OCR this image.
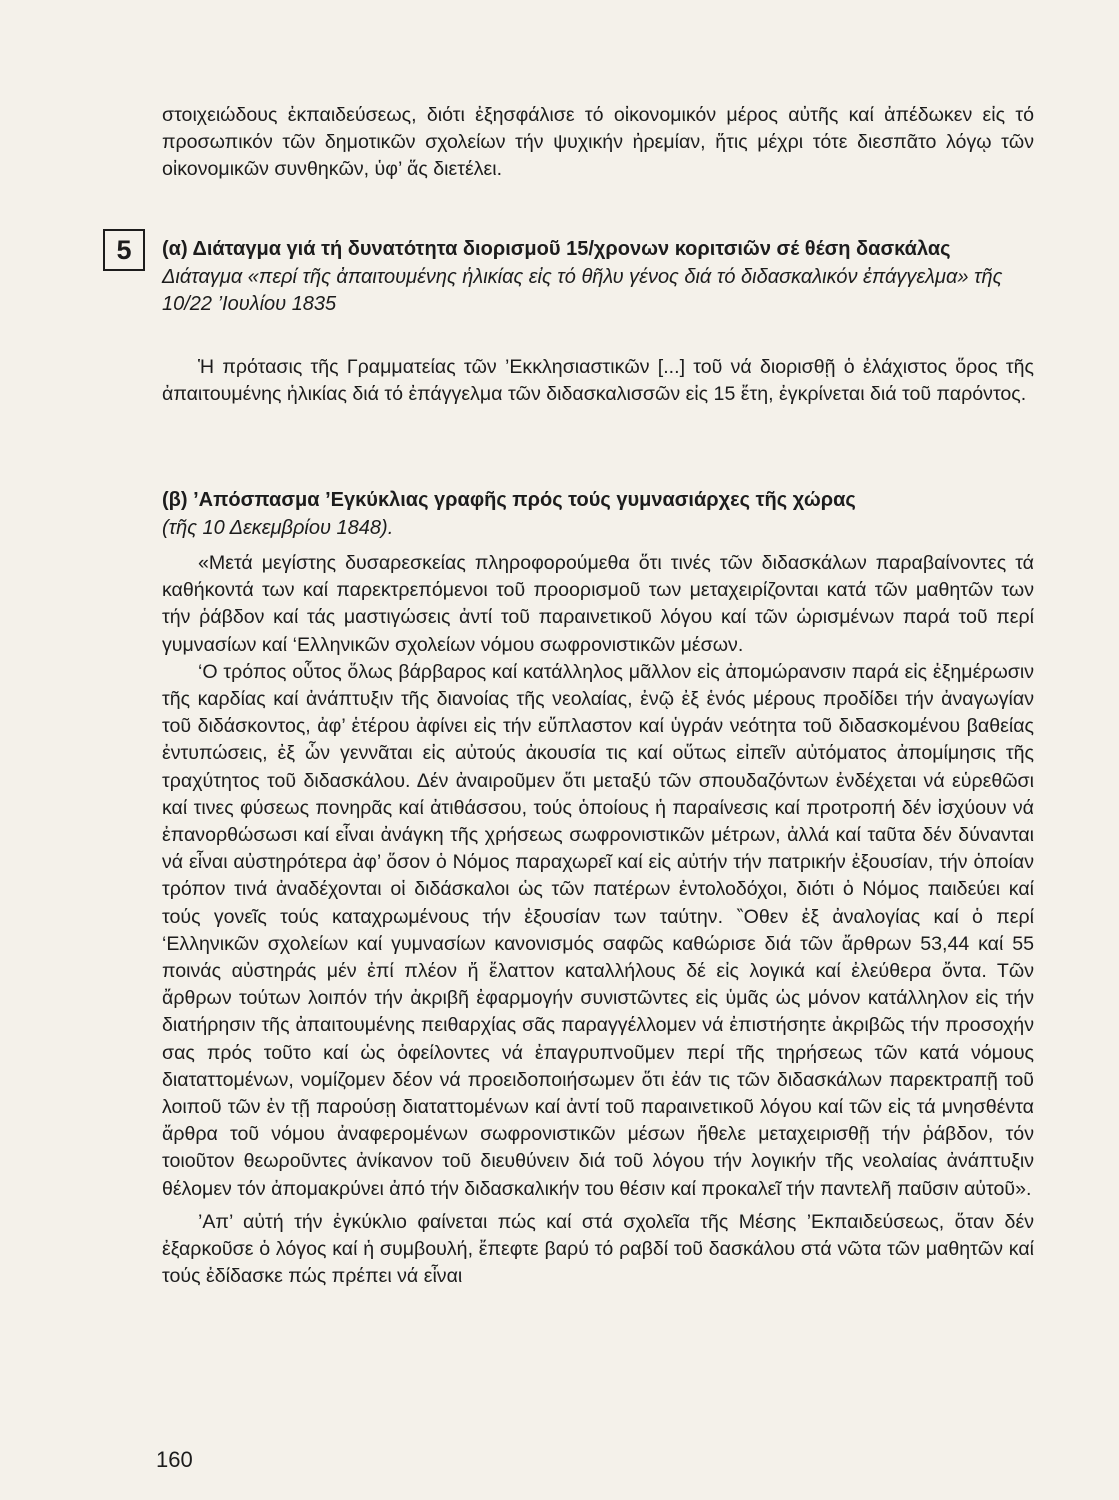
στοιχειώδους ἐκπαιδεύσεως, διότι ἐξησφάλισε τό οἰκονομικόν μέρος αὐτῆς καί ἀπέδωκεν εἰς τό προσωπικόν τῶν δημοτικῶν σχολείων τήν ψυχικήν ἠρεμίαν, ἥτις μέχρι τότε διεσπᾶτο λόγῳ τῶν οἰκονομικῶν συνθηκῶν, ὑφ’ ἅς διετέλει.

5	(α) Διάταγμα γιά τή δυνατότητα διορισμοῦ 15/χρονων κοριτσιῶν σέ θέση δασκάλας
Διάταγμα «περί τῆς ἀπαιτουμένης ἡλικίας εἰς τό θῆλυ γένος διά τό διδασκαλικόν ἐπάγγελμα» τῆς 10/22 ’Ιουλίου 1835

Ἡ πρότασις τῆς Γραμματείας τῶν ’Εκκλησιαστικῶν [...] τοῦ νά διορισθῇ ὁ ἐλάχιστος ὅρος τῆς ἀπαιτουμένης ἡλικίας διά τό ἐπάγγελμα τῶν διδασκαλισσῶν εἰς 15 ἔτη, ἐγκρίνεται διά τοῦ παρόντος.

(β) ’Απόσπασμα ’Εγκύκλιας γραφῆς πρός τούς γυμνασιάρχες τῆς χώρας
(τῆς 10 Δεκεμβρίου 1848).

«Μετά μεγίστης δυσαρεσκείας πληροφορούμεθα ὅτι τινές τῶν διδασκάλων παραβαίνοντες τά καθήκοντά των καί παρεκτρεπόμενοι τοῦ προορισμοῦ των μεταχειρίζονται κατά τῶν μαθητῶν των τήν ῥάβδον καί τάς μαστιγώσεις ἀντί τοῦ παραινετικοῦ λόγου καί τῶν ὡρισμένων παρά τοῦ περί γυμνασίων καί ‘Ελληνικῶν σχολείων νόμου σωφρονιστικῶν μέσων.

‘Ο τρόπος οὗτος ὅλως βάρβαρος καί κατάλληλος μᾶλλον εἰς ἀπομώρανσιν παρά εἰς ἐξημέρωσιν τῆς καρδίας καί ἀνάπτυξιν τῆς διανοίας τῆς νεολαίας, ἐνῷ ἐξ ἑνός μέρους προδίδει τήν ἀναγωγίαν τοῦ διδάσκοντος, ἀφ’ ἑτέρου ἀφίνει εἰς τήν εὔπλαστον καί ὑγράν νεότητα τοῦ διδασκομένου βαθείας ἐντυπώσεις, ἐξ ὧν γεννᾶται εἰς αὐτούς ἀκουσία τις καί οὕτως εἰπεῖν αὐτόματος ἀπομίμησις τῆς τραχύτητος τοῦ διδασκάλου. Δέν ἀναιροῦμεν ὅτι μεταξύ τῶν σπουδαζόντων ἐνδέχεται νά εὑρεθῶσι καί τινες φύσεως πονηρᾶς καί ἀτιθάσσου, τούς ὁποίους ἡ παραίνεσις καί προτροπή δέν ἰσχύουν νά ἐπανορθώσωσι καί εἶναι ἀνάγκη τῆς χρήσεως σωφρονιστικῶν μέτρων, ἀλλά καί ταῦτα δέν δύνανται νά εἶναι αὐστηρότερα ἀφ’ ὅσον ὁ Νόμος παραχωρεῖ καί εἰς αὐτήν τήν πατρικήν ἐξουσίαν, τήν ὁποίαν τρόπον τινά ἀναδέχονται οἱ διδάσκαλοι ὡς τῶν πατέρων ἐντολοδόχοι, διότι ὁ Νόμος παιδεύει καί τούς γονεῖς τούς καταχρωμένους τήν ἐξουσίαν των ταύτην. ‶Οθεν ἐξ ἀναλογίας καί ὁ περί ‘Ελληνικῶν σχολείων καί γυμνασίων κανονισμός σαφῶς καθώρισε διά τῶν ἄρθρων 53,44 καί 55 ποινάς αὐστηράς μέν ἐπί πλέον ἤ ἔλαττον καταλλήλους δέ εἰς λογικά καί ἐλεύθερα ὄντα. Τῶν ἄρθρων τούτων λοιπόν τήν ἀκριβῆ ἐφαρμογήν συνιστῶντες εἰς ὑμᾶς ὡς μόνον κατάλληλον εἰς τήν διατήρησιν τῆς ἀπαιτουμένης πειθαρχίας σᾶς παραγγέλλομεν νά ἐπιστήσητε ἀκριβῶς τήν προσοχήν σας πρός τοῦτο καί ὡς ὀφείλοντες νά ἐπαγρυπνοῦμεν περί τῆς τηρήσεως τῶν κατά νόμους διαταττομένων, νομίζομεν δέον νά προειδοποιήσωμεν ὅτι ἐάν τις τῶν διδασκάλων παρεκτραπῇ τοῦ λοιποῦ τῶν ἐν τῇ παρούσῃ διαταττομένων καί ἀντί τοῦ παραινετικοῦ λόγου καί τῶν εἰς τά μνησθέντα ἄρθρα τοῦ νόμου ἀναφερομένων σωφρονιστικῶν μέσων ἤθελε μεταχειρισθῇ τήν ῥάβδον, τόν τοιοῦτον θεωροῦντες ἀνίκανον τοῦ διευθύνειν διά τοῦ λόγου τήν λογικήν τῆς νεολαίας ἀνάπτυξιν θέλομεν τόν ἀπομακρύνει ἀπό τήν διδασκαλικήν του θέσιν καί προκαλεῖ τήν παντελῆ παῦσιν αὐτοῦ».

’Απ’ αὐτή τήν ἐγκύκλιο φαίνεται πώς καί στά σχολεῖα τῆς Μέσης ’Εκπαιδεύσεως, ὅταν δέν ἐξαρκοῦσε ὁ λόγος καί ἡ συμβουλή, ἔπεφτε βαρύ τό ραβδί τοῦ δασκάλου στά νῶτα τῶν μαθητῶν καί τούς ἐδίδασκε πώς πρέπει νά εἶναι

160
